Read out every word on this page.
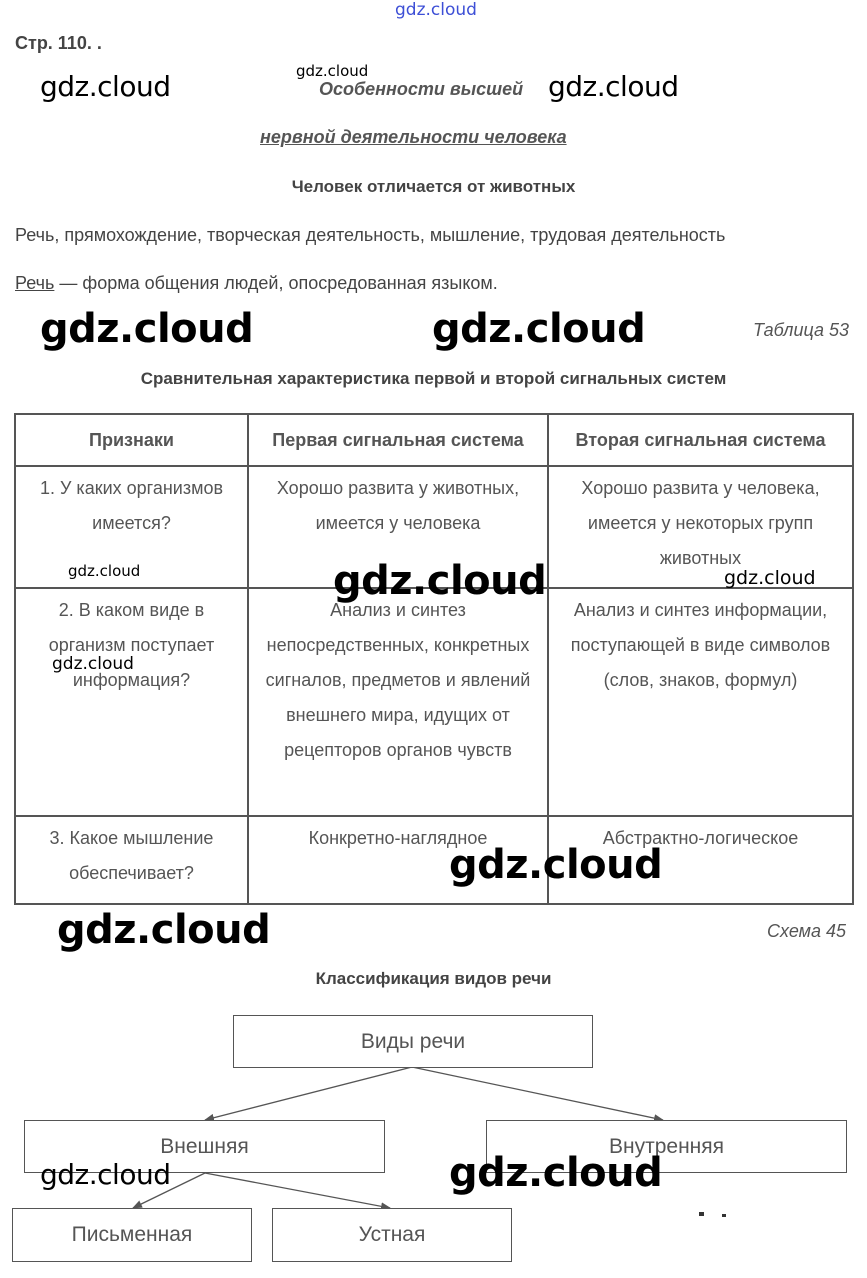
gdz.cloud
Стр. 110. .
Особенности высшей
нервной деятельности человека
gdz.cloud	gdz.cloud	gdz.cloud
Человек отличается от животных
Речь, прямохождение, творческая деятельность, мышление, трудовая деятельность
Речь — форма общения людей, опосредованная языком.
gdz.cloud	gdz.cloud	Таблица 53
Сравнительная характеристика первой и второй сигнальных систем
Признаки	Первая сигнальная система	Вторая сигнальная система
1. У каких организмов имеется?	Хорошо развита у животных, имеется у человека	Хорошо развита у человека, имеется у некоторых групп животных
2. В каком виде в организм поступает информация?	Анализ и синтез непосредственных, конкретных сигналов, предметов и явлений внешнего мира, идущих от рецепторов органов чувств	Анализ и синтез информации, поступающей в виде символов (слов, знаков, формул)
3. Какое мышление обеспечивает?	Конкретно-наглядное	Абстрактно-логическое
gdz.cloud	gdz.cloud	gdz.cloud
gdz.cloud
gdz.cloud
gdz.cloud	Схема 45
Классификация видов речи
Виды речи
Внешняя	Внутренняя
Письменная	Устная
gdz.cloud	gdz.cloud
